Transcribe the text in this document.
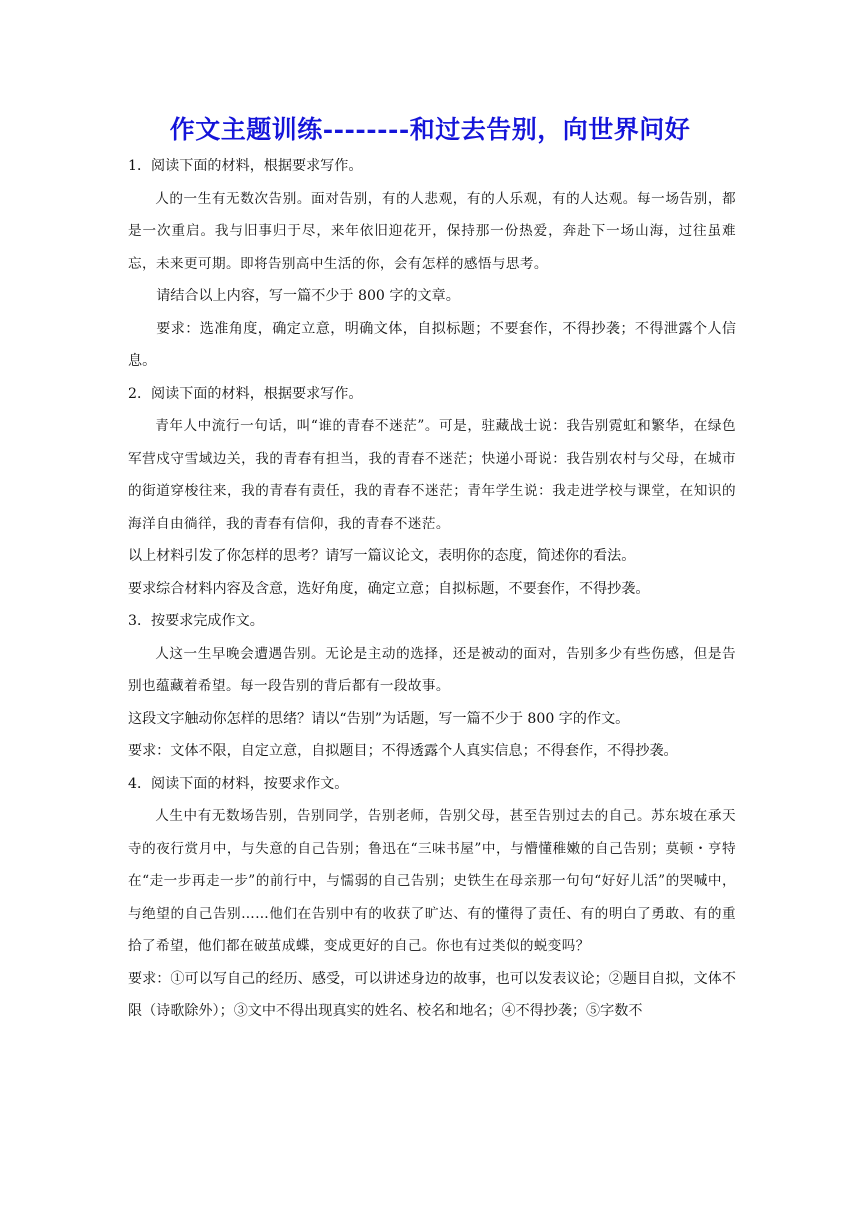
作文主题训练--------和过去告别，向世界问好

1．阅读下面的材料，根据要求写作。

人的一生有无数次告别。面对告别，有的人悲观，有的人乐观，有的人达观。每一场告别，都是一次重启。我与旧事归于尽，来年依旧迎花开，保持那一份热爱，奔赴下一场山海，过往虽难忘，未来更可期。即将告别高中生活的你，会有怎样的感悟与思考。

请结合以上内容，写一篇不少于 800 字的文章。

要求：选准角度，确定立意，明确文体，自拟标题；不要套作，不得抄袭；不得泄露个人信息。

2．阅读下面的材料，根据要求写作。

青年人中流行一句话，叫“谁的青春不迷茫”。可是，驻藏战士说：我告别霓虹和繁华，在绿色军营戍守雪域边关，我的青春有担当，我的青春不迷茫；快递小哥说：我告别农村与父母，在城市的街道穿梭往来，我的青春有责任，我的青春不迷茫；青年学生说：我走进学校与课堂，在知识的海洋自由徜徉，我的青春有信仰，我的青春不迷茫。

以上材料引发了你怎样的思考？请写一篇议论文，表明你的态度，简述你的看法。

要求综合材料内容及含意，选好角度，确定立意；自拟标题，不要套作，不得抄袭。

3．按要求完成作文。

人这一生早晚会遭遇告别。无论是主动的选择，还是被动的面对，告别多少有些伤感，但是告别也蕴藏着希望。每一段告别的背后都有一段故事。

这段文字触动你怎样的思绪？请以“告别”为话题，写一篇不少于 800 字的作文。

要求：文体不限，自定立意，自拟题目；不得透露个人真实信息；不得套作，不得抄袭。

4．阅读下面的材料，按要求作文。

人生中有无数场告别，告别同学，告别老师，告别父母，甚至告别过去的自己。苏东坡在承天寺的夜行赏月中，与失意的自己告别；鲁迅在“三味书屋”中，与懵懂稚嫩的自己告别；莫顿・亨特在“走一步再走一步”的前行中，与懦弱的自己告别；史铁生在母亲那一句句“好好儿活”的哭喊中，与绝望的自己告别……他们在告别中有的收获了旷达、有的懂得了责任、有的明白了勇敢、有的重拾了希望，他们都在破茧成蝶，变成更好的自己。你也有过类似的蜕变吗？

要求：①可以写自己的经历、感受，可以讲述身边的故事，也可以发表议论；②题目自拟，文体不限（诗歌除外）；③文中不得出现真实的姓名、校名和地名；④不得抄袭；⑤字数不
